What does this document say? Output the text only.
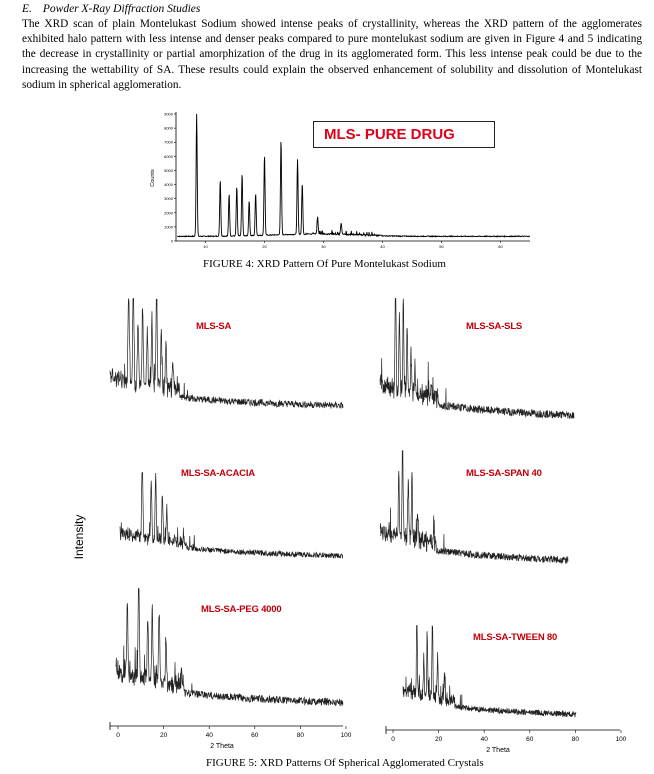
E. Powder X-Ray Diffraction Studies
The XRD scan of plain Montelukast Sodium showed intense peaks of crystallinity, whereas the XRD pattern of the agglomerates exhibited halo pattern with less intense and denser peaks compared to pure montelukast sodium are given in Figure 4 and 5 indicating the decrease in crystallinity or partial amorphization of the drug in its agglomerated form. This less intense peak could be due to the increasing the wettability of SA. These results could explain the observed enhancement of solubility and dissolution of Montelukast sodium in spherical agglomeration.
0
1000
2000
3000
4000
5000
6000
7000
8000
9000
10	20	30	40	50	60
Counts
MLS- PURE DRUG
FIGURE 4: XRD Pattern Of Pure Montelukast Sodium
Intensity
0	20	40	60	80	100
0	20	40	60	80	100
2 Theta
2 Theta
MLS-SA	MLS-SA-SLS
MLS-SA-ACACIA	MLS-SA-SPAN 40
MLS-SA-PEG 4000
MLS-SA-TWEEN 80
FIGURE 5: XRD Patterns Of Spherical Agglomerated Crystals
